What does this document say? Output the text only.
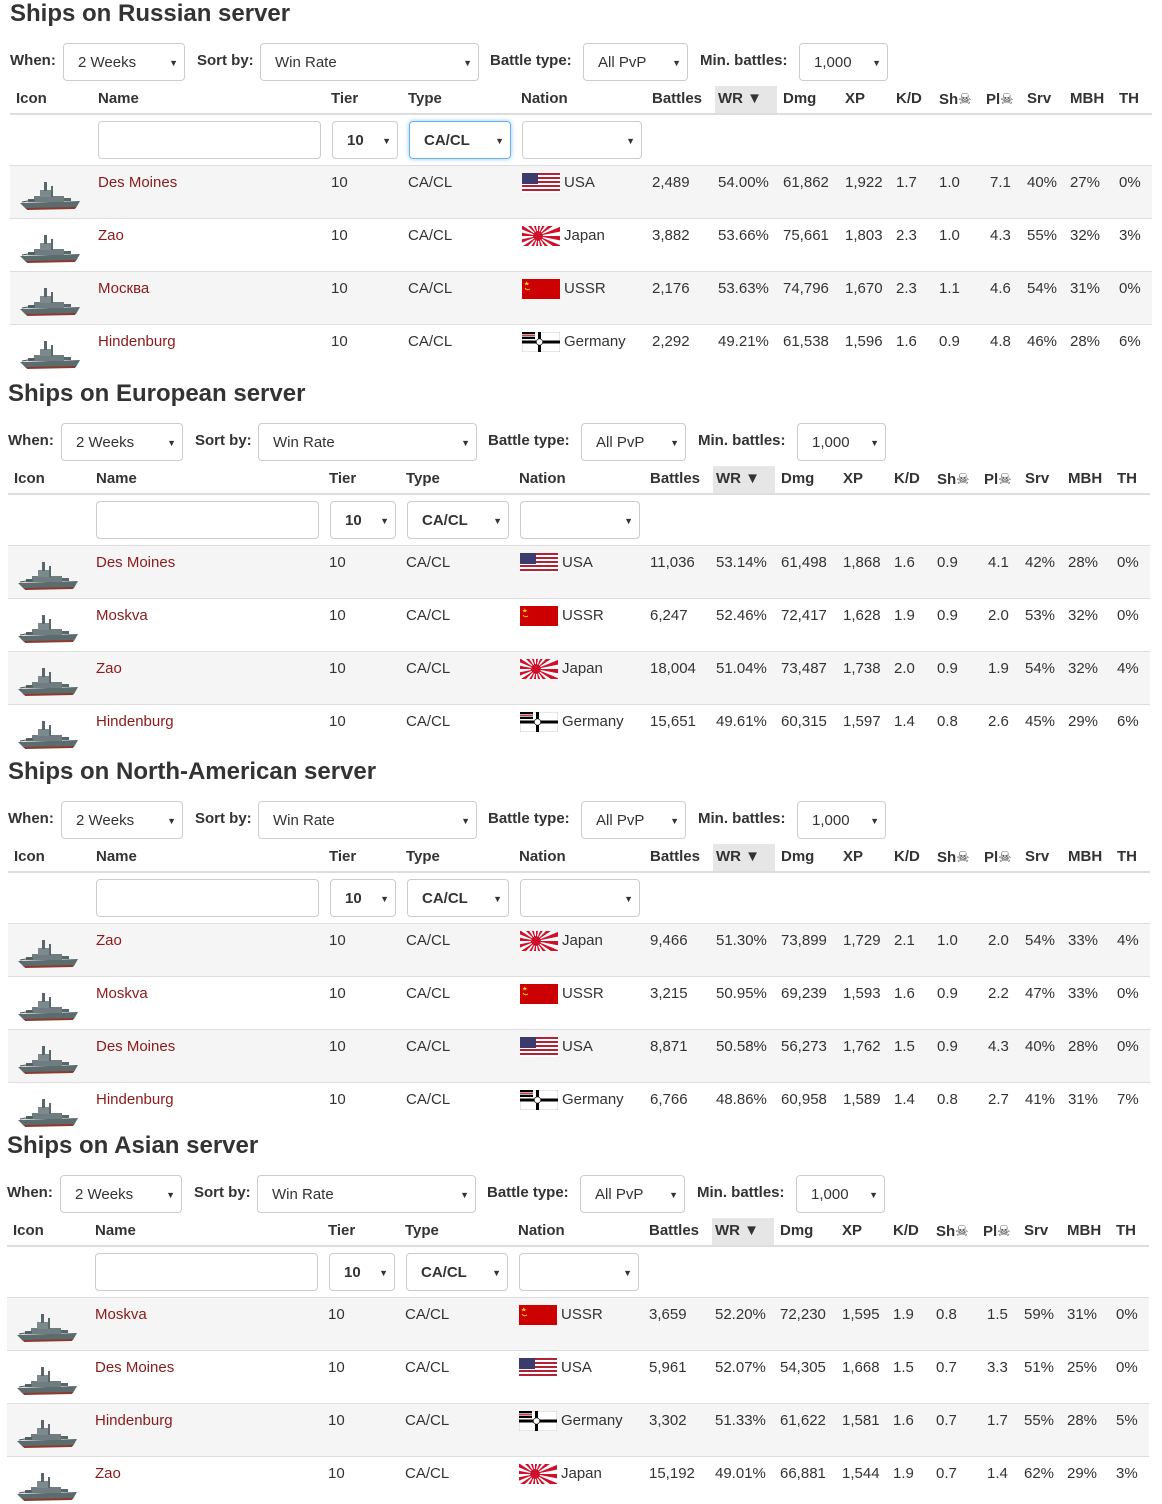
Ships on Russian server
When: 2 Weeks	▼ Sort by: Win Rate	▼ Battle type: All PvP	▼ Min. battles: 1,000 ▼
Icon	Name	Tier	Type	Nation	Battles WR ▼ Dmg XP K/D Sh☠ Pl☠ Srv MBH TH
10 ▼ CA/CL	▼	▼
Des Moines	10	CA/CL	USA	2,489 54.00% 61,862 1,922 1.7 1.0 7.1 40% 27% 0%
Zao	10	CA/CL	Japan	3,882 53.66% 75,661 1,803 2.3 1.0 4.3 55% 32% 3%
Москва	10	CA/CL	USSR	2,176 53.63% 74,796 1,670 2.3 1.1 4.6 54% 31% 0%
Hindenburg	10	CA/CL	Germany 2,292 49.21% 61,538 1,596 1.6 0.9 4.8 46% 28% 6%
Ships on European server
When: 2 Weeks	▼ Sort by: Win Rate	▼ Battle type: All PvP	▼ Min. battles: 1,000 ▼
Icon	Name	Tier	Type	Nation	Battles WR ▼ Dmg XP K/D Sh☠ Pl☠ Srv MBH TH
10 ▼ CA/CL	▼	▼
Des Moines	10	CA/CL	USA	11,036 53.14% 61,498 1,868 1.6 0.9 4.1 42% 28% 0%
Moskva	10	CA/CL	USSR	6,247 52.46% 72,417 1,628 1.9 0.9 2.0 53% 32% 0%
Zao	10	CA/CL	Japan	18,004 51.04% 73,487 1,738 2.0 0.9 1.9 54% 32% 4%
Hindenburg	10	CA/CL	Germany 15,651 49.61% 60,315 1,597 1.4 0.8 2.6 45% 29% 6%
Ships on North-American server
When: 2 Weeks	▼ Sort by: Win Rate	▼ Battle type: All PvP	▼ Min. battles: 1,000 ▼
Icon	Name	Tier	Type	Nation	Battles WR ▼ Dmg XP K/D Sh☠ Pl☠ Srv MBH TH
10 ▼ CA/CL	▼	▼
Zao	10	CA/CL	Japan	9,466 51.30% 73,899 1,729 2.1 1.0 2.0 54% 33% 4%
Moskva	10	CA/CL	USSR	3,215 50.95% 69,239 1,593 1.6 0.9 2.2 47% 33% 0%
Des Moines	10	CA/CL	USA	8,871 50.58% 56,273 1,762 1.5 0.9 4.3 40% 28% 0%
Hindenburg	10	CA/CL	Germany 6,766 48.86% 60,958 1,589 1.4 0.8 2.7 41% 31% 7%
Ships on Asian server
When: 2 Weeks	▼ Sort by: Win Rate	▼ Battle type: All PvP	▼ Min. battles: 1,000 ▼
Icon	Name	Tier	Type	Nation	Battles WR ▼ Dmg XP K/D Sh☠ Pl☠ Srv MBH TH
10 ▼ CA/CL	▼	▼
Moskva	10	CA/CL	USSR	3,659 52.20% 72,230 1,595 1.9 0.8 1.5 59% 31% 0%
Des Moines	10	CA/CL	USA	5,961 52.07% 54,305 1,668 1.5 0.7 3.3 51% 25% 0%
Hindenburg	10	CA/CL	Germany 3,302 51.33% 61,622 1,581 1.6 0.7 1.7 55% 28% 5%
Zao	10	CA/CL	Japan	15,192 49.01% 66,881 1,544 1.9 0.7 1.4 62% 29% 3%
